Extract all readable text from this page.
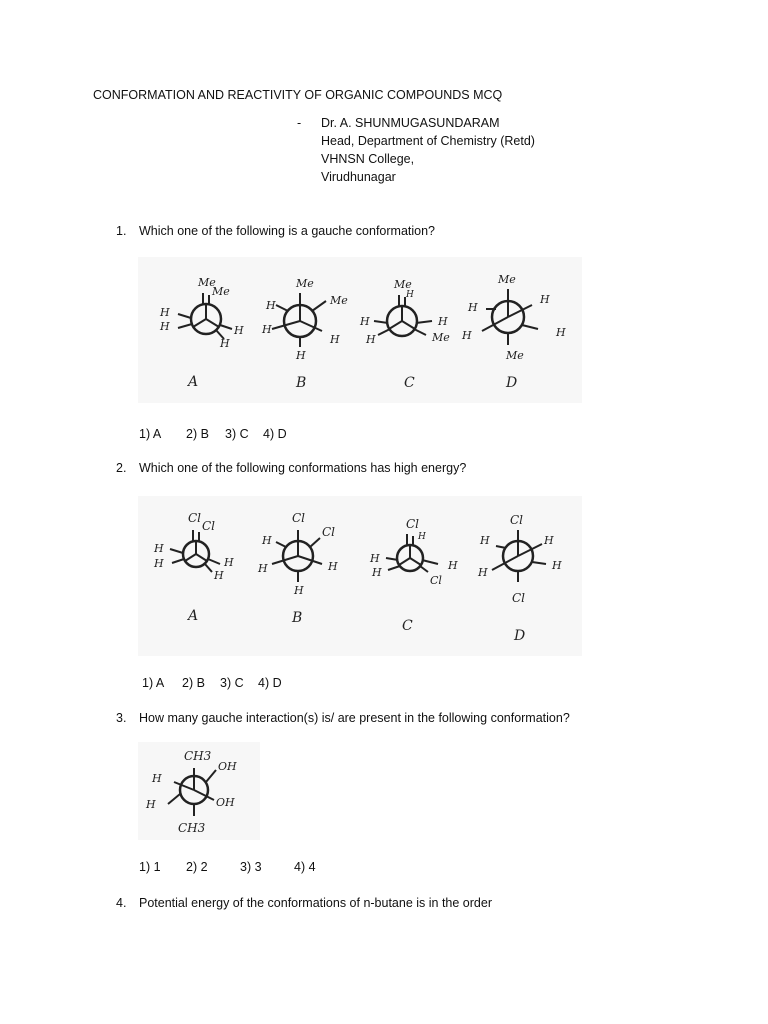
CONFORMATION AND REACTIVITY OF ORGANIC COMPOUNDS MCQ
- Dr. A. SHUNMUGASUNDARAM
Head, Department of Chemistry (Retd)
VHNSN College,
Virudhunagar
1. Which one of the following is a gauche conformation?
Me
Me
H
H	H
H
A
Me
Me
H
H
H
H
B
Me
H
H
H
H
Me
C
Me
H
H
H	H
Me
D
1) A 2) B 3) C 4) D
2. Which one of the following conformations has high energy?
Cl
Cl
H
H	H
H
A
Cl
Cl
H
H	H
H
B
Cl
H
H
H
H
Cl
C
Cl
H
H
H
H
Cl
D
1) A 2) B 3) C 4) D
3. How many gauche interaction(s) is/ are present in the following conformation?
CH3
OH
H
H	OH
CH3
1) 1 2) 2	3) 3	4) 4
4. Potential energy of the conformations of n-butane is in the order
